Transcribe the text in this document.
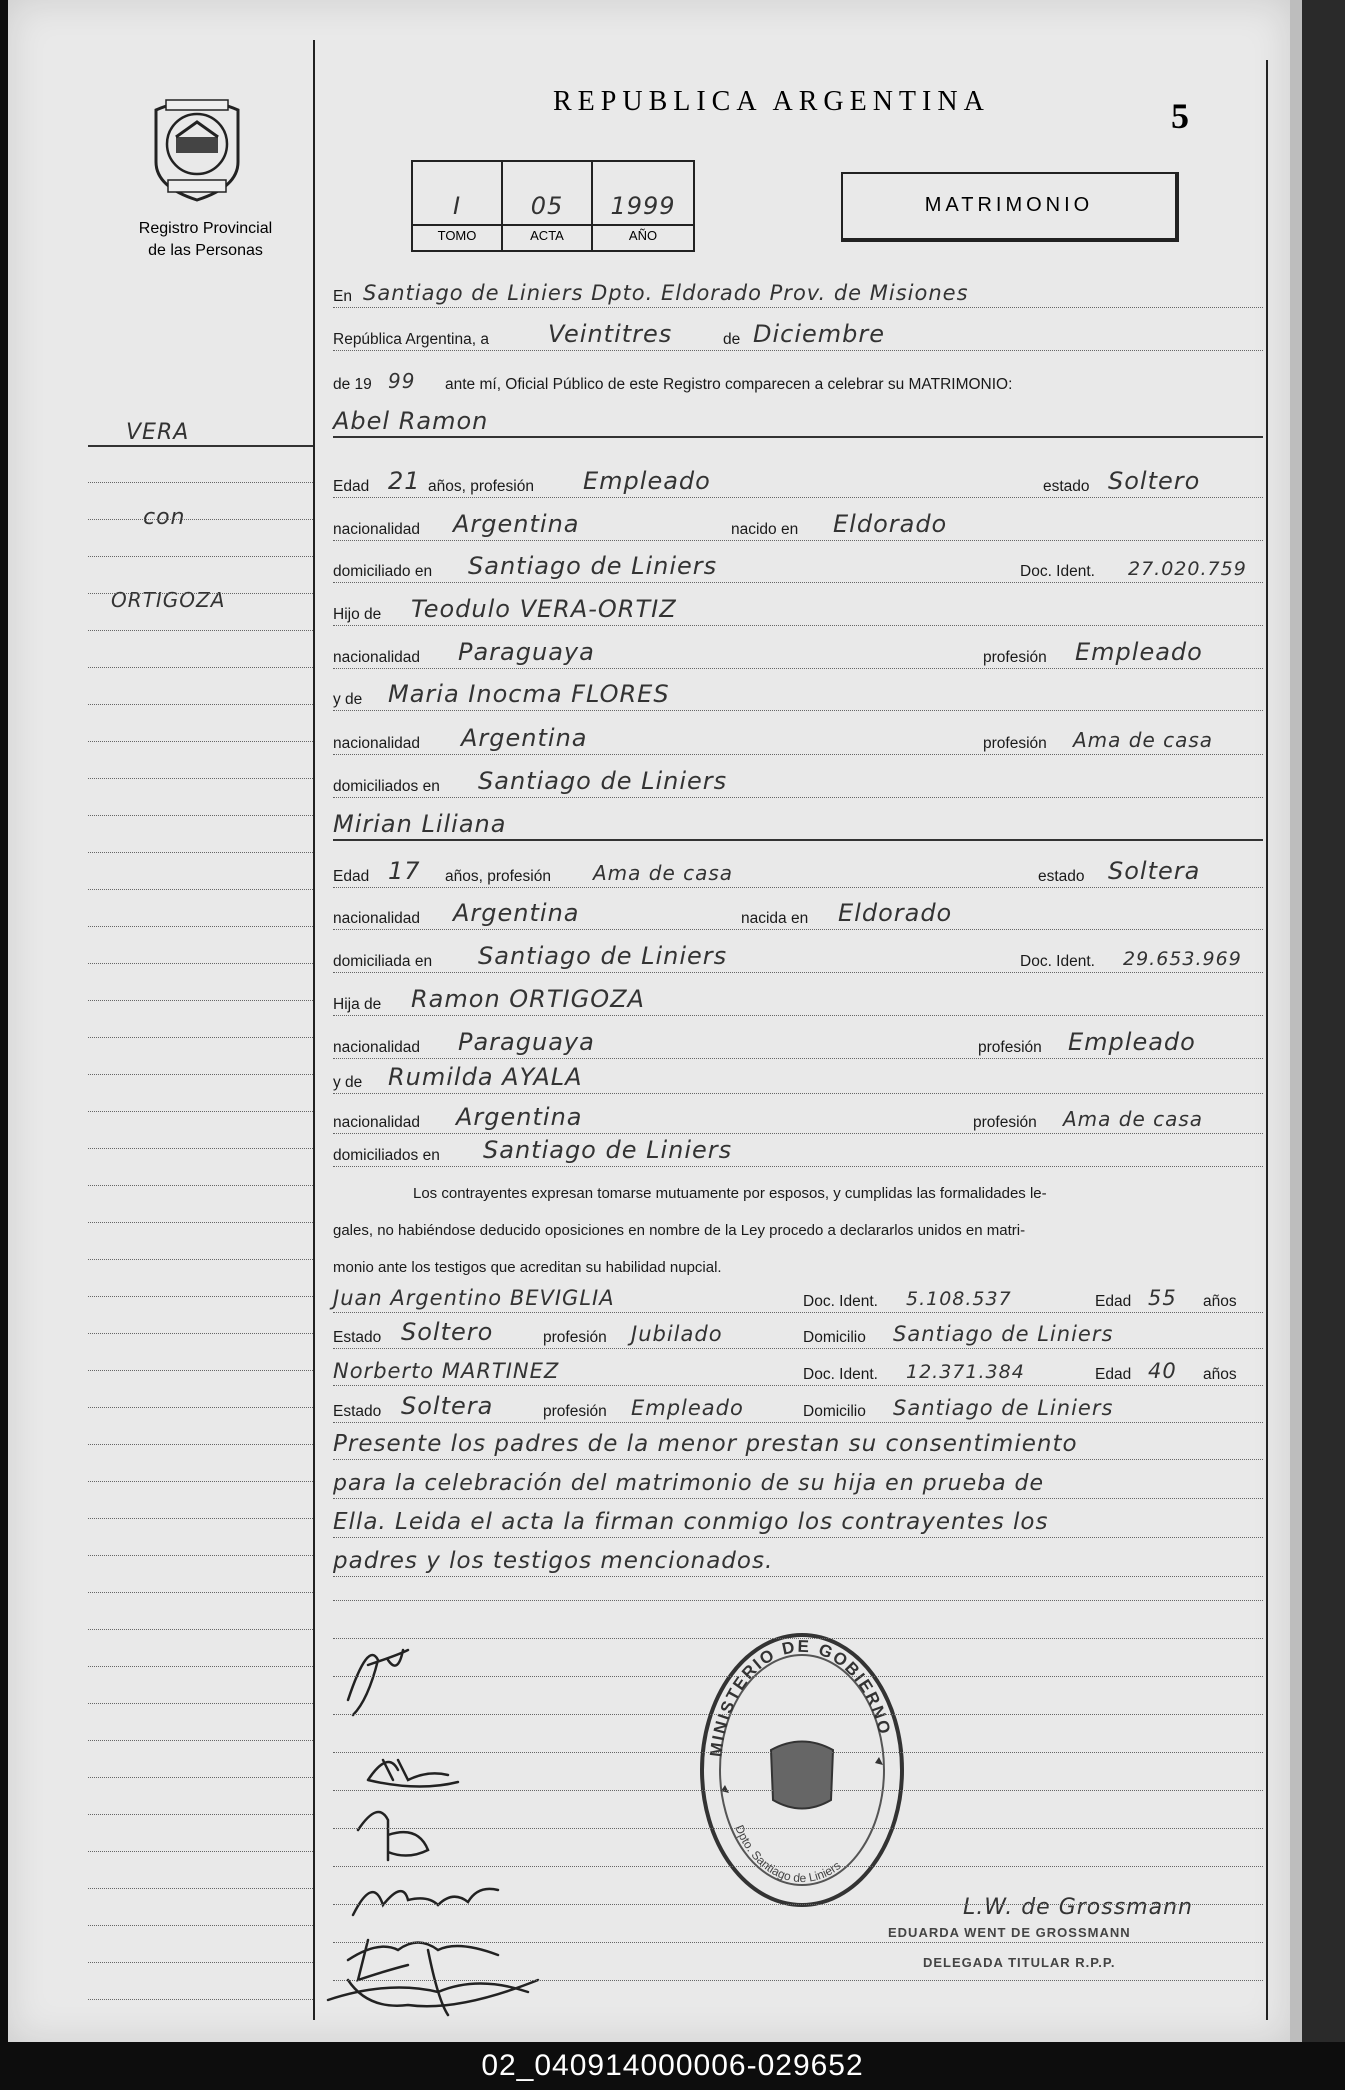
Registro Provincial
de las Personas
REPUBLICA ARGENTINA	5
I	05	1999
TOMO	ACTA	AÑO
MATRIMONIO
VERA
con
ORTIGOZA
En Santiago de Liniers Dpto. Eldorado Prov. de Misiones
República Argentina, a Veintitres	de Diciembre
de 19 99 ante mí, Oficial Público de este Registro comparecen a celebrar su MATRIMONIO:
Abel Ramon
Edad 21 años, profesión Empleado	estado Soltero
nacionalidad Argentina	nacido en Eldorado
domiciliado en Santiago de Liniers	Doc. Ident. 27.020.759
Hijo de Teodulo VERA-ORTIZ
nacionalidad Paraguaya	profesión Empleado
y de Maria Inocma FLORES
nacionalidad Argentina	profesión Ama de casa
domiciliados en Santiago de Liniers
Mirian Liliana
Edad 17 años, profesión Ama de casa	estado Soltera
nacionalidad Argentina	nacida en Eldorado
domiciliada en Santiago de Liniers	Doc. Ident. 29.653.969
Hija de Ramon ORTIGOZA
nacionalidad Paraguaya	profesión Empleado
y de Rumilda AYALA
nacionalidad Argentina	profesión Ama de casa
domiciliados en Santiago de Liniers
Los contrayentes expresan tomarse mutuamente por esposos, y cumplidas las formalidades le-
gales, no habiéndose deducido oposiciones en nombre de la Ley procedo a declararlos unidos en matri-
monio ante los testigos que acreditan su habilidad nupcial.
Juan Argentino BEVIGLIA	Doc. Ident. 5.108.537	Edad 55 años
Estado Soltero	profesión Jubilado	Domicilio Santiago de Liniers
Norberto MARTINEZ	Doc. Ident. 12.371.384	Edad 40 años
Estado Soltera	profesión Empleado	Domicilio Santiago de Liniers
Presente los padres de la menor prestan su consentimiento
para la celebración del matrimonio de su hija en prueba de
Ella. Leida el acta la firman conmigo los contrayentes los
padres y los testigos mencionados.
MINISTERIO DE GOBIERNO
Dpto. Santiago de Liniers
L.W. de Grossmann
EDUARDA WENT DE GROSSMANN
DELEGADA TITULAR R.P.P.
02_040914000006-029652
